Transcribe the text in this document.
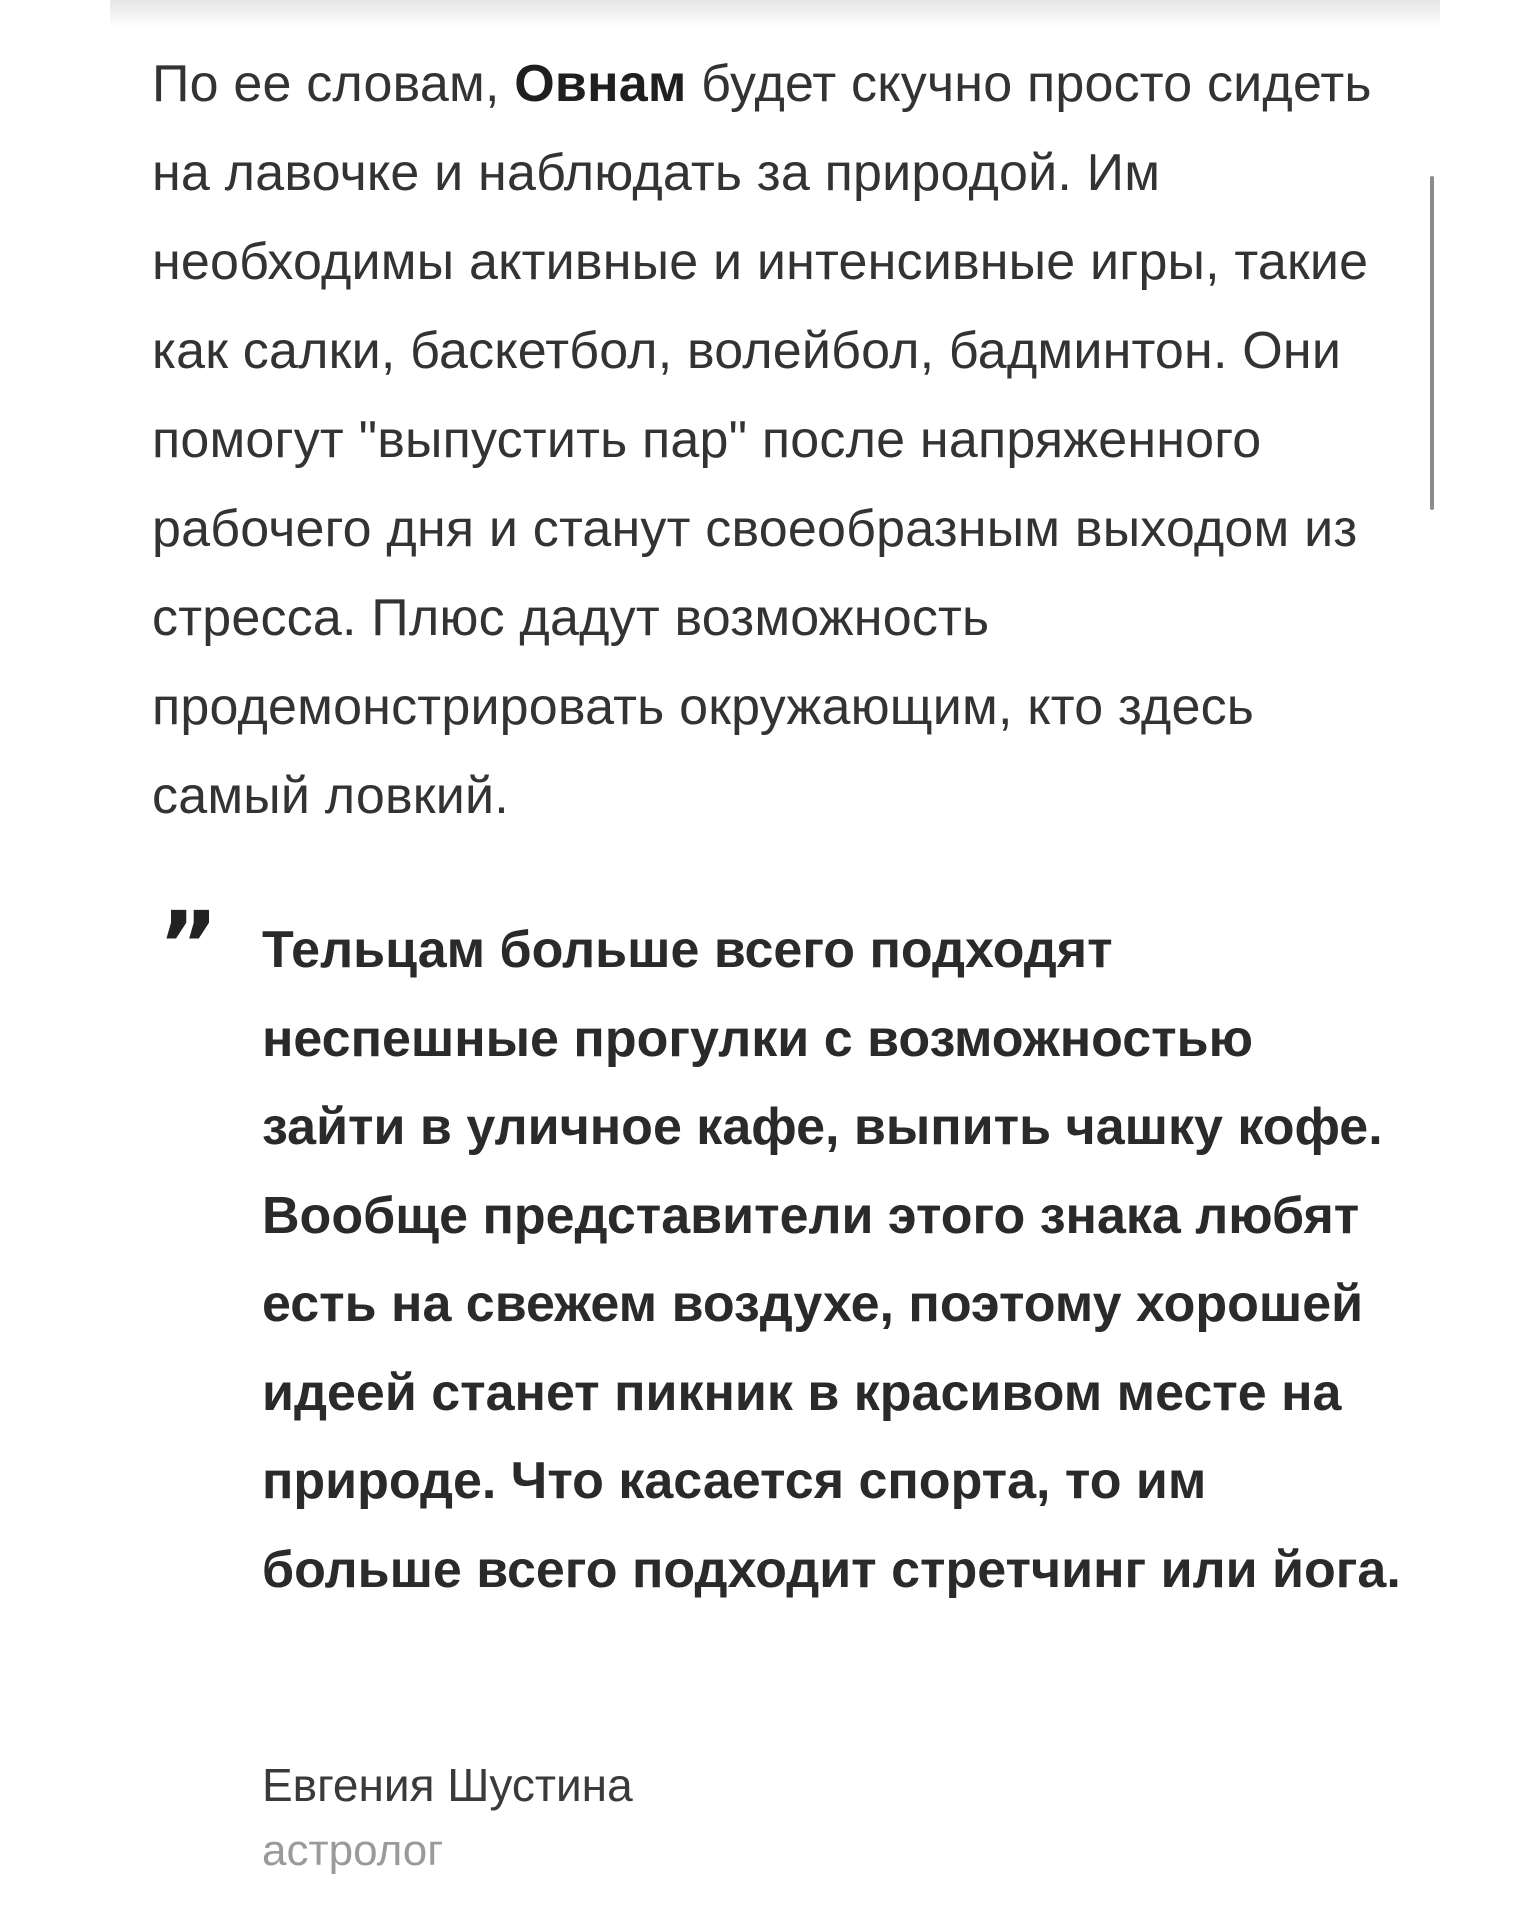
По ее словам, Овнам будет скучно просто сидеть на лавочке и наблюдать за природой. Им необходимы активные и интенсивные игры, такие как салки, баскетбол, волейбол, бадминтон. Они помогут "выпустить пар" после напряженного рабочего дня и станут своеобразным выходом из стресса. Плюс дадут возможность продемонстрировать окружающим, кто здесь самый ловкий.

” Тельцам больше всего подходят неспешные прогулки с возможностью зайти в уличное кафе, выпить чашку кофе. Вообще представители этого знака любят есть на свежем воздухе, поэтому хорошей идеей станет пикник в красивом месте на природе. Что касается спорта, то им больше всего подходит стретчинг или йога.

Евгения Шустина
астролог
